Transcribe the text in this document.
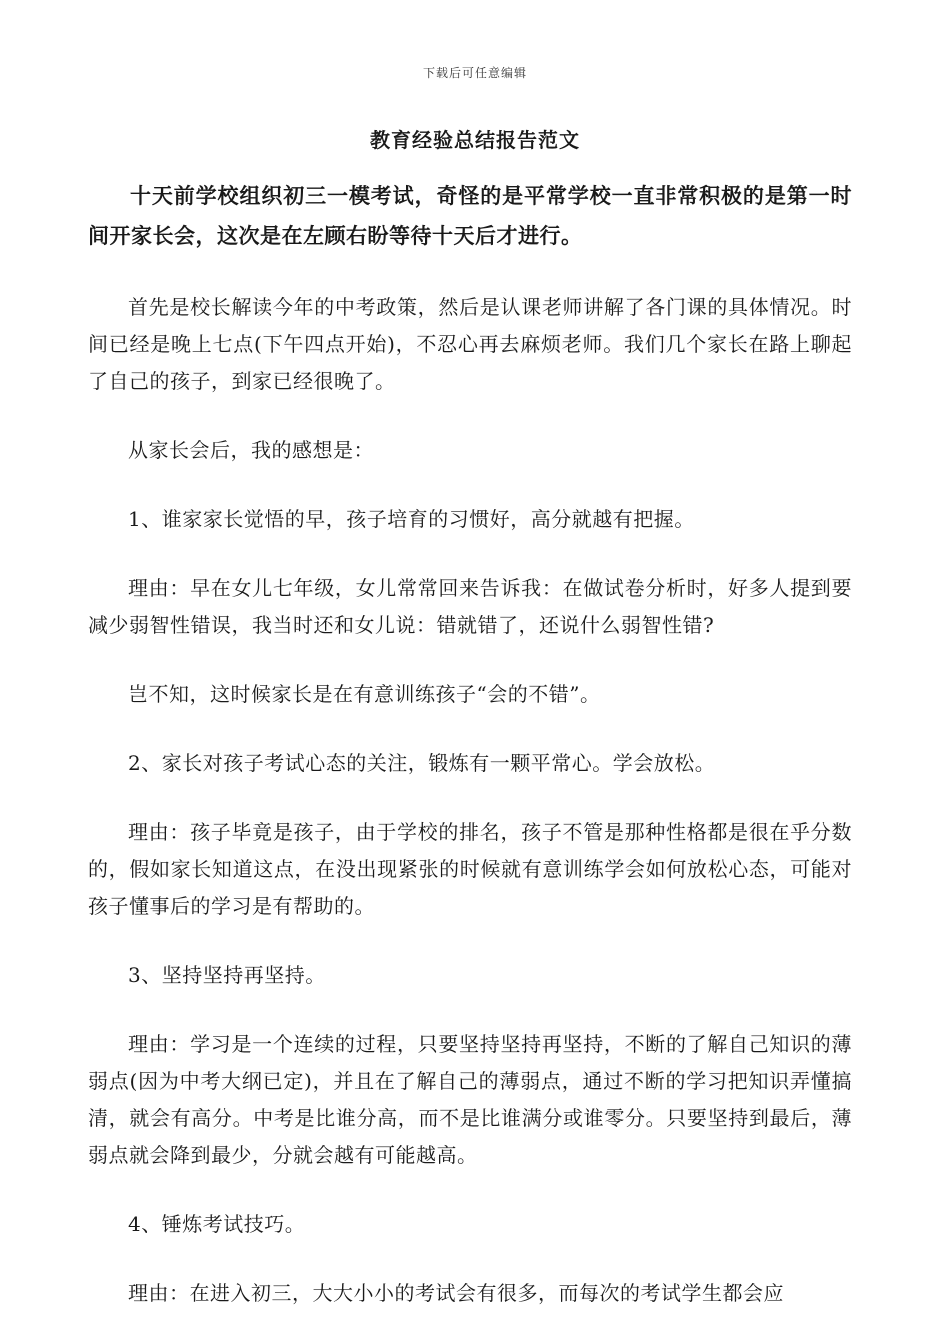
下载后可任意编辑
教育经验总结报告范文

十天前学校组织初三一模考试，奇怪的是平常学校一直非常积极的是第一时间开家长会，这次是在左顾右盼等待十天后才进行。

首先是校长解读今年的中考政策，然后是认课老师讲解了各门课的具体情况。时间已经是晚上七点(下午四点开始)，不忍心再去麻烦老师。我们几个家长在路上聊起了自己的孩子，到家已经很晚了。

从家长会后，我的感想是：

1、谁家家长觉悟的早，孩子培育的习惯好，高分就越有把握。

理由：早在女儿七年级，女儿常常回来告诉我：在做试卷分析时，好多人提到要减少弱智性错误，我当时还和女儿说：错就错了，还说什么弱智性错?

岂不知，这时候家长是在有意训练孩子“会的不错”。

2、家长对孩子考试心态的关注，锻炼有一颗平常心。学会放松。

理由：孩子毕竟是孩子，由于学校的排名，孩子不管是那种性格都是很在乎分数的，假如家长知道这点，在没出现紧张的时候就有意训练学会如何放松心态，可能对孩子懂事后的学习是有帮助的。

3、坚持坚持再坚持。

理由：学习是一个连续的过程，只要坚持坚持再坚持，不断的了解自己知识的薄弱点(因为中考大纲已定)，并且在了解自己的薄弱点，通过不断的学习把知识弄懂搞清，就会有高分。中考是比谁分高，而不是比谁满分或谁零分。只要坚持到最后，薄弱点就会降到最少，分就会越有可能越高。

4、锤炼考试技巧。

理由：在进入初三，大大小小的考试会有很多，而每次的考试学生都会应
